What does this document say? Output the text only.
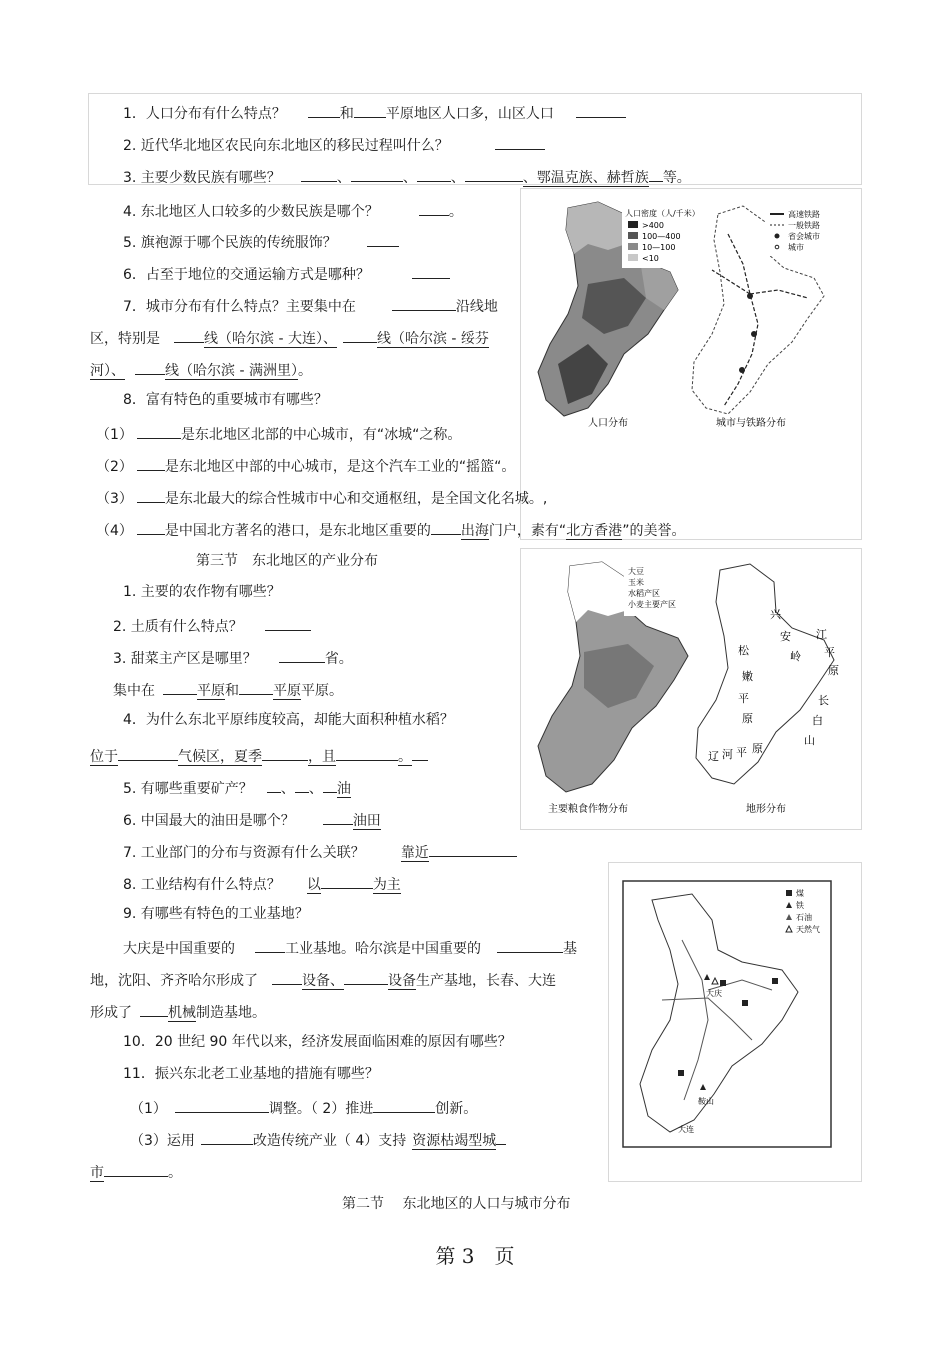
1．人口分布有什么特点？	和 平原地区人口多，山区人口
2. 近代华北地区农民向东北地区的移民过程叫什么？
3. 主要少数民族有哪些？	、	、 、	、鄂温克族、赫哲族 等。
4. 东北地区人口较多的少数民族是哪个？	。
5. 旗袍源于哪个民族的传统服饰？
6．占至于地位的交通运输方式是哪种？
7．城市分布有什么特点？主要集中在	沿线地
区，特别是	线（哈尔滨 - 大连）、	线（哈尔滨 - 绥芬
河）、	线（哈尔滨 - 满洲里）。
8．富有特色的重要城市有哪些？
（1）	是东北地区北部的中心城市，有“冰城“之称。
（2） 是东北地区中部的中心城市，是这个汽车工业的“摇篮“。
（3） 是东北最大的综合性城市中心和交通枢纽，是全国文化名城。,
（4） 是中国北方著名的港口，是东北地区重要的 出海门户，素有“北方香港”的美誉。
人口密度（人/千米）
>400
100—400
10—100
<10
人口分布
高速铁路
一般铁路
省会城市
城市
城市与铁路分布
第三节　东北地区的产业分布
1. 主要的农作物有哪些？
2. 土质有什么特点？
3. 甜菜主产区是哪里？	省。
集中在	平原和 平原平原。
4．为什么东北平原纬度较高，却能大面积种植水稻？
位于	气候区，夏季	，且	。
5. 有哪些重要矿产？ 、 、 油
6. 中国最大的油田是哪个？	油田
7. 工业部门的分布与资源有什么关联？	靠近
8. 工业结构有什么特点？ 以	为主
9. 有哪些有特色的工业基地？
大庆是中国重要的	工业基地。哈尔滨是中国重要的	基
地，沈阳、齐齐哈尔形成了	设备、	设备生产基地，长春、大连
形成了	机械制造基地。
10．20 世纪 90 年代以来，经济发展面临困难的原因有哪些？
11．振兴东北老工业基地的措施有哪些？
（1）	调整。（ 2）推进	创新。
（3）运用	改造传统产业（ 4）支持 资源枯竭型城
市	。
大豆
玉米
水稻产区
小麦主要产区
主要粮食作物分布
兴
安
岭
松
嫩
平
原
江
平
原
长
白
山
辽 河 平 原
地形分布
煤
铁
石油
天然气
大庆
鞍山
大连
第二节　 东北地区的人口与城市分布
第 3　页
